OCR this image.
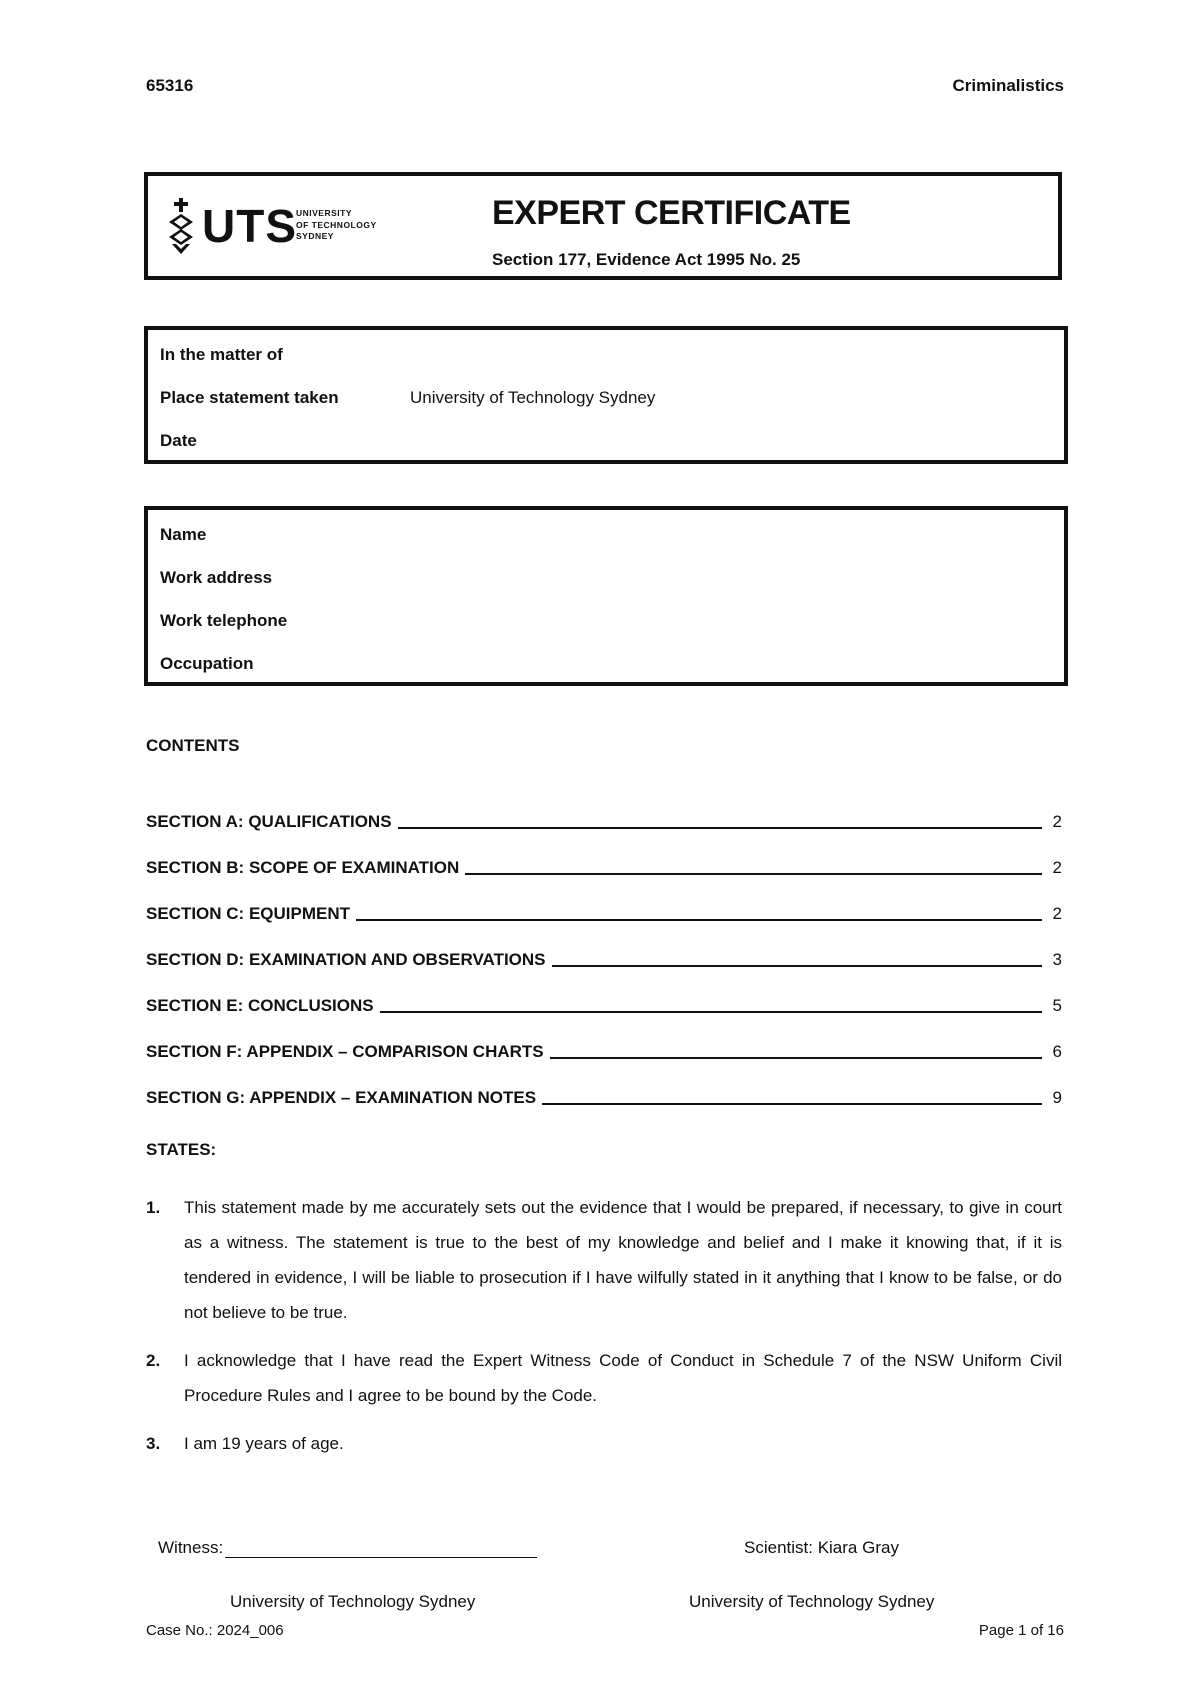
65316	Criminalistics
UTS UNIVERSITY
OF TECHNOLOGY
SYDNEY
EXPERT CERTIFICATE
Section 177, Evidence Act 1995 No. 25
In the matter of
Place statement taken	University of Technology Sydney
Date
Name
Work address
Work telephone
Occupation
CONTENTS
SECTION A: QUALIFICATIONS	2
SECTION B: SCOPE OF EXAMINATION	2
SECTION C: EQUIPMENT	2
SECTION D: EXAMINATION AND OBSERVATIONS	3
SECTION E: CONCLUSIONS	5
SECTION F: APPENDIX – COMPARISON CHARTS	6
SECTION G: APPENDIX – EXAMINATION NOTES	9
STATES:
1.	This statement made by me accurately sets out the evidence that I would be prepared, if necessary, to give in court as a witness. The statement is true to the best of my knowledge and belief and I make it knowing that, if it is tendered in evidence, I will be liable to prosecution if I have wilfully stated in it anything that I know to be false, or do not believe to be true.
2.	I acknowledge that I have read the Expert Witness Code of Conduct in Schedule 7 of the NSW Uniform Civil Procedure Rules and I agree to be bound by the Code.
3.	I am 19 years of age.
Witness:	Scientist: Kiara Gray
University of Technology Sydney	University of Technology Sydney
Case No.: 2024_006	Page 1 of 16
